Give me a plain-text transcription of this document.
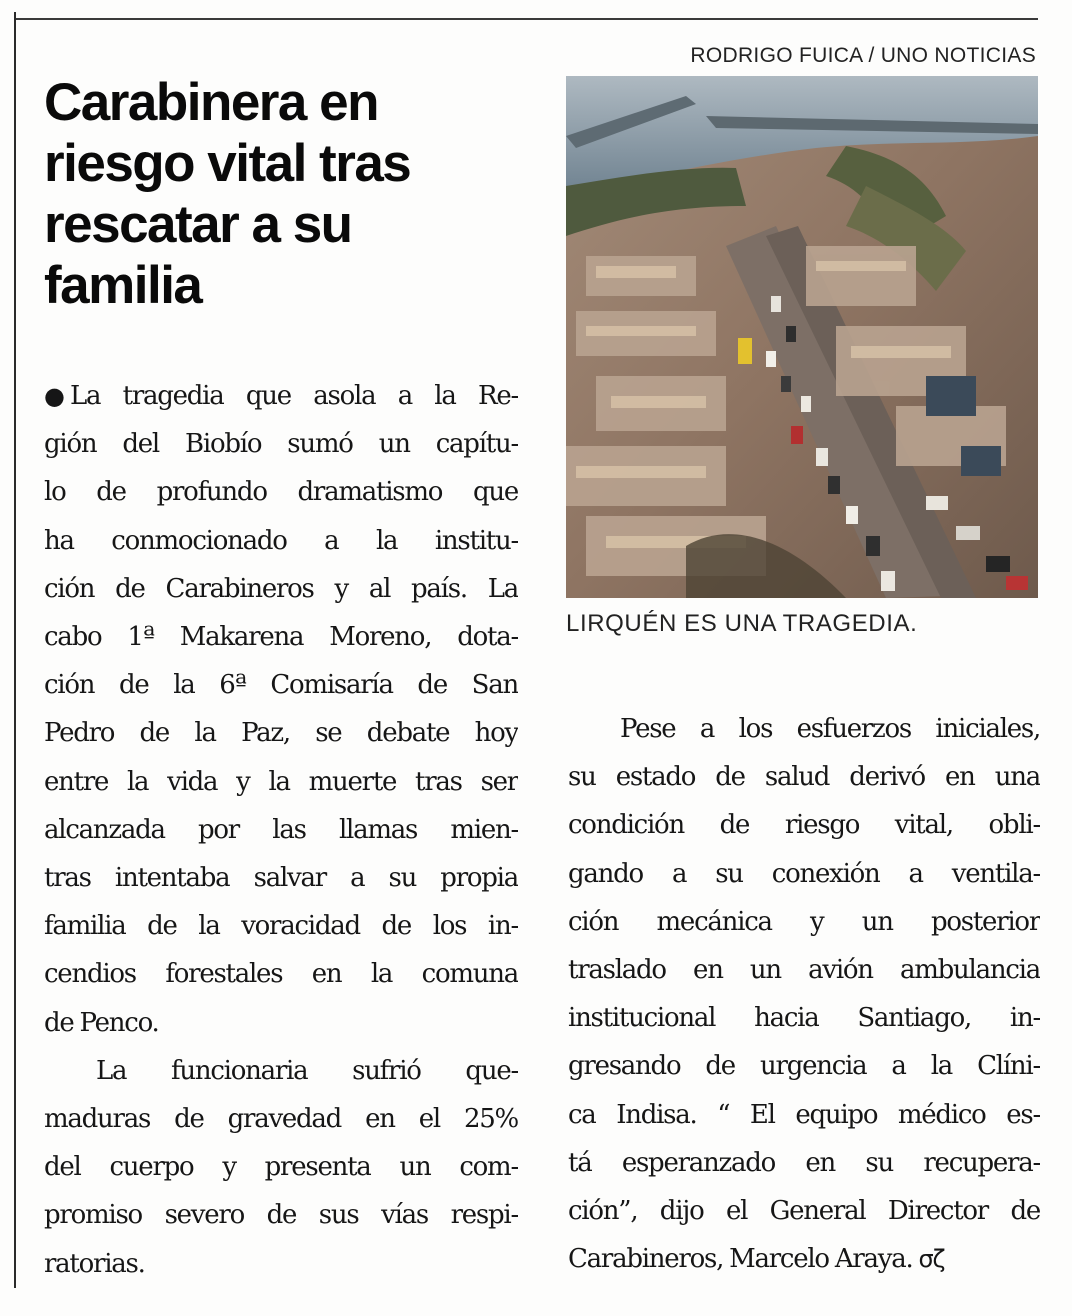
RODRIGO FUICA / UNO NOTICIAS
Carabinera en
riesgo vital tras
rescatar a su
familia
LIRQUÉN ES UNA TRAGEDIA.
● La tragedia que asola a la Re-
gión del Biobío sumó un capítu-
lo de profundo dramatismo que
ha conmocionado a la institu-
ción de Carabineros y al país. La
cabo 1ª Makarena Moreno, dota-
ción de la 6ª Comisaría de San
Pedro de la Paz, se debate hoy
entre la vida y la muerte tras ser
alcanzada por las llamas mien-
tras intentaba salvar a su propia
familia de la voracidad de los in-
cendios forestales en la comuna
de Penco.
La funcionaria sufrió que-
maduras de gravedad en el 25%
del cuerpo y presenta un com-
promiso severo de sus vías respi-
ratorias.
Pese a los esfuerzos iniciales,
su estado de salud derivó en una
condición de riesgo vital, obli-
gando a su conexión a ventila-
ción mecánica y un posterior
traslado en un avión ambulancia
institucional hacia Santiago, in-
gresando de urgencia a la Clíni-
ca Indisa. “ El equipo médico es-
tá esperanzado en su recupera-
ción”, dijo el General Director de
Carabineros, Marcelo Araya. σζ
